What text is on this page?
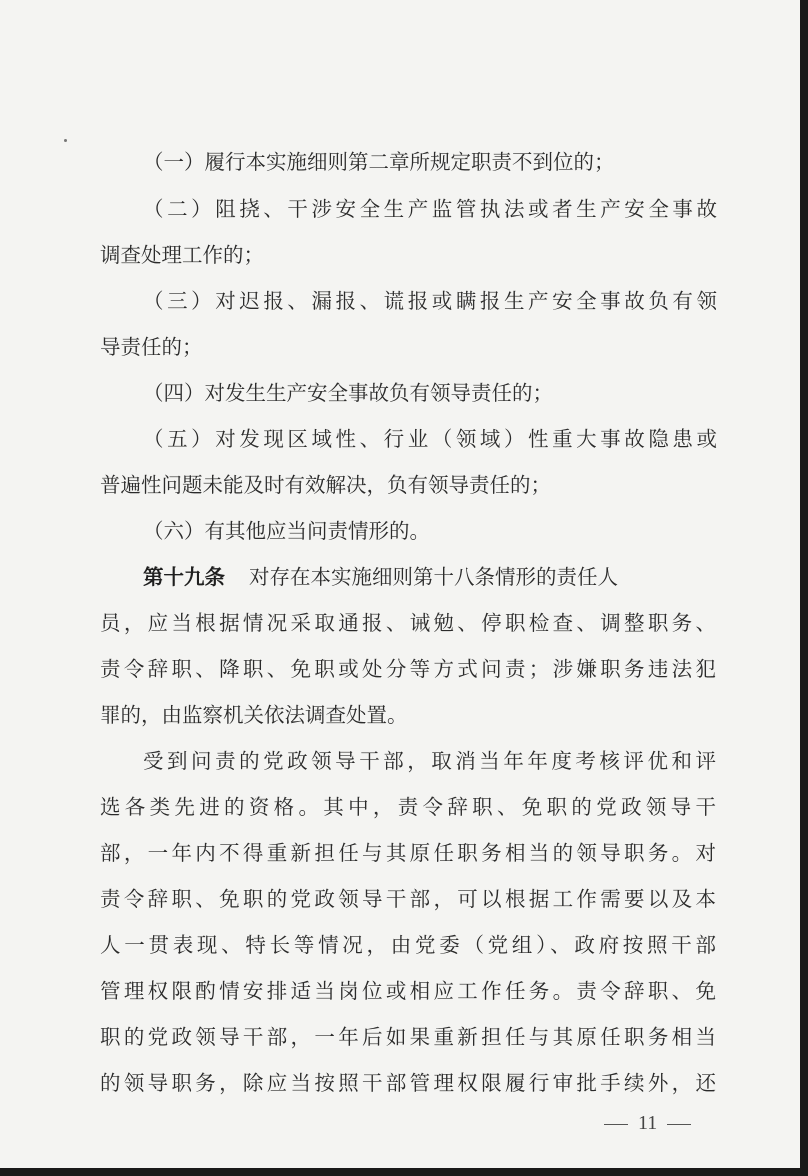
（一）履行本实施细则第二章所规定职责不到位的；
（二）阻挠、干涉安全生产监管执法或者生产安全事故
调查处理工作的；
（三）对迟报、漏报、谎报或瞒报生产安全事故负有领
导责任的；
（四）对发生生产安全事故负有领导责任的；
（五）对发现区域性、行业（领域）性重大事故隐患或
普遍性问题未能及时有效解决，负有领导责任的；
（六）有其他应当问责情形的。
第十九条 对存在本实施细则第十八条情形的责任人
员，应当根据情况采取通报、诫勉、停职检查、调整职务、
责令辞职、降职、免职或处分等方式问责；涉嫌职务违法犯
罪的，由监察机关依法调查处置。
受到问责的党政领导干部，取消当年年度考核评优和评
选各类先进的资格。其中，责令辞职、免职的党政领导干
部，一年内不得重新担任与其原任职务相当的领导职务。对
责令辞职、免职的党政领导干部，可以根据工作需要以及本
人一贯表现、特长等情况，由党委（党组）、政府按照干部
管理权限酌情安排适当岗位或相应工作任务。责令辞职、免
职的党政领导干部，一年后如果重新担任与其原任职务相当
的领导职务，除应当按照干部管理权限履行审批手续外，还
11
